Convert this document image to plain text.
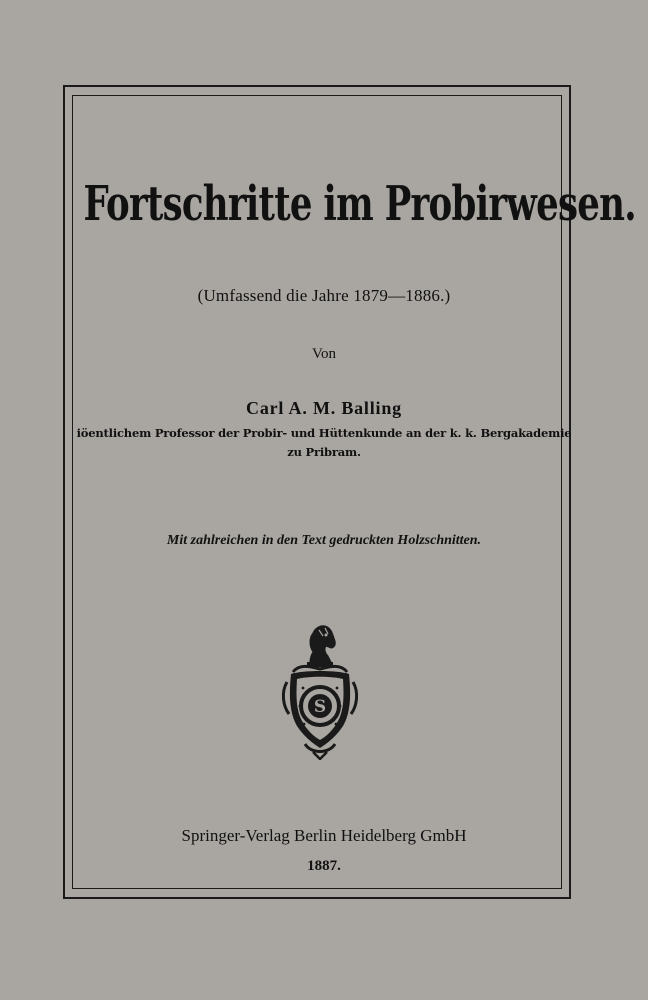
Fortschritte im Probirwesen.
(Umfassend die Jahre 1879—1886.)
Von
Carl A. M. Balling
iöentlichem Professor der Probir- und Hüttenkunde an der k. k. Bergakademie
zu Pribram.
Mit zahlreichen in den Text gedruckten Holzschnitten.
S
Springer-Verlag Berlin Heidelberg GmbH
1887.
